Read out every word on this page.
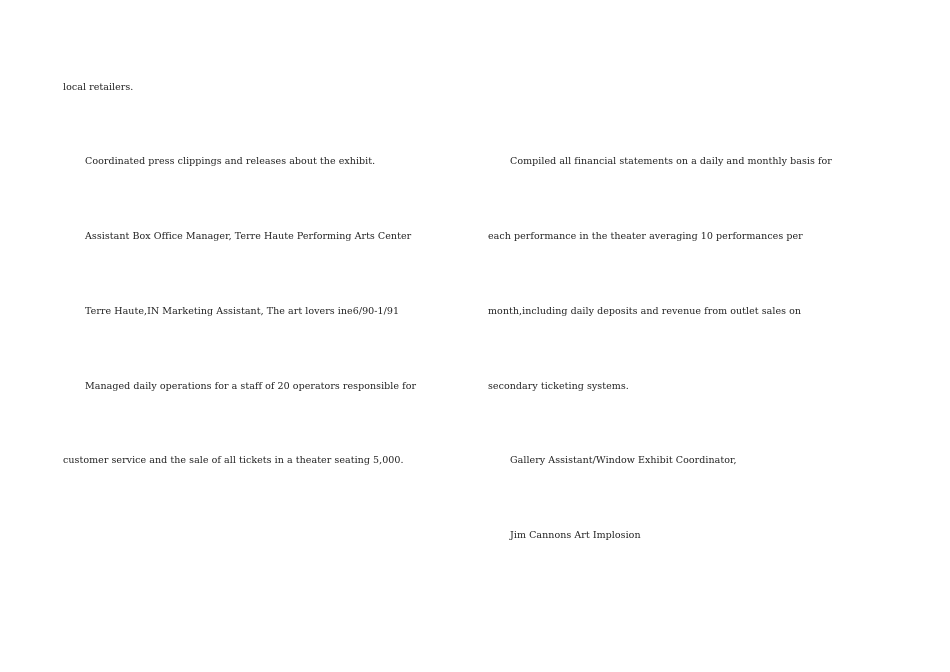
local retailers.
Coordinated press clippings and releases about the exhibit.
Assistant Box Office Manager, Terre Haute Performing Arts Center
Terre Haute,IN Marketing Assistant, The art lovers ine6/90-1/91
Managed daily operations for a staff of 20 operators responsible for
customer service and the sale of all tickets in a theater seating 5,000.
Compiled all financial statements on a daily and monthly basis for
each performance in the theater averaging 10 performances per
month,including daily deposits and revenue from outlet sales on
secondary ticketing systems.
Gallery Assistant/Window Exhibit Coordinator,
Jim Cannons Art Implosion
